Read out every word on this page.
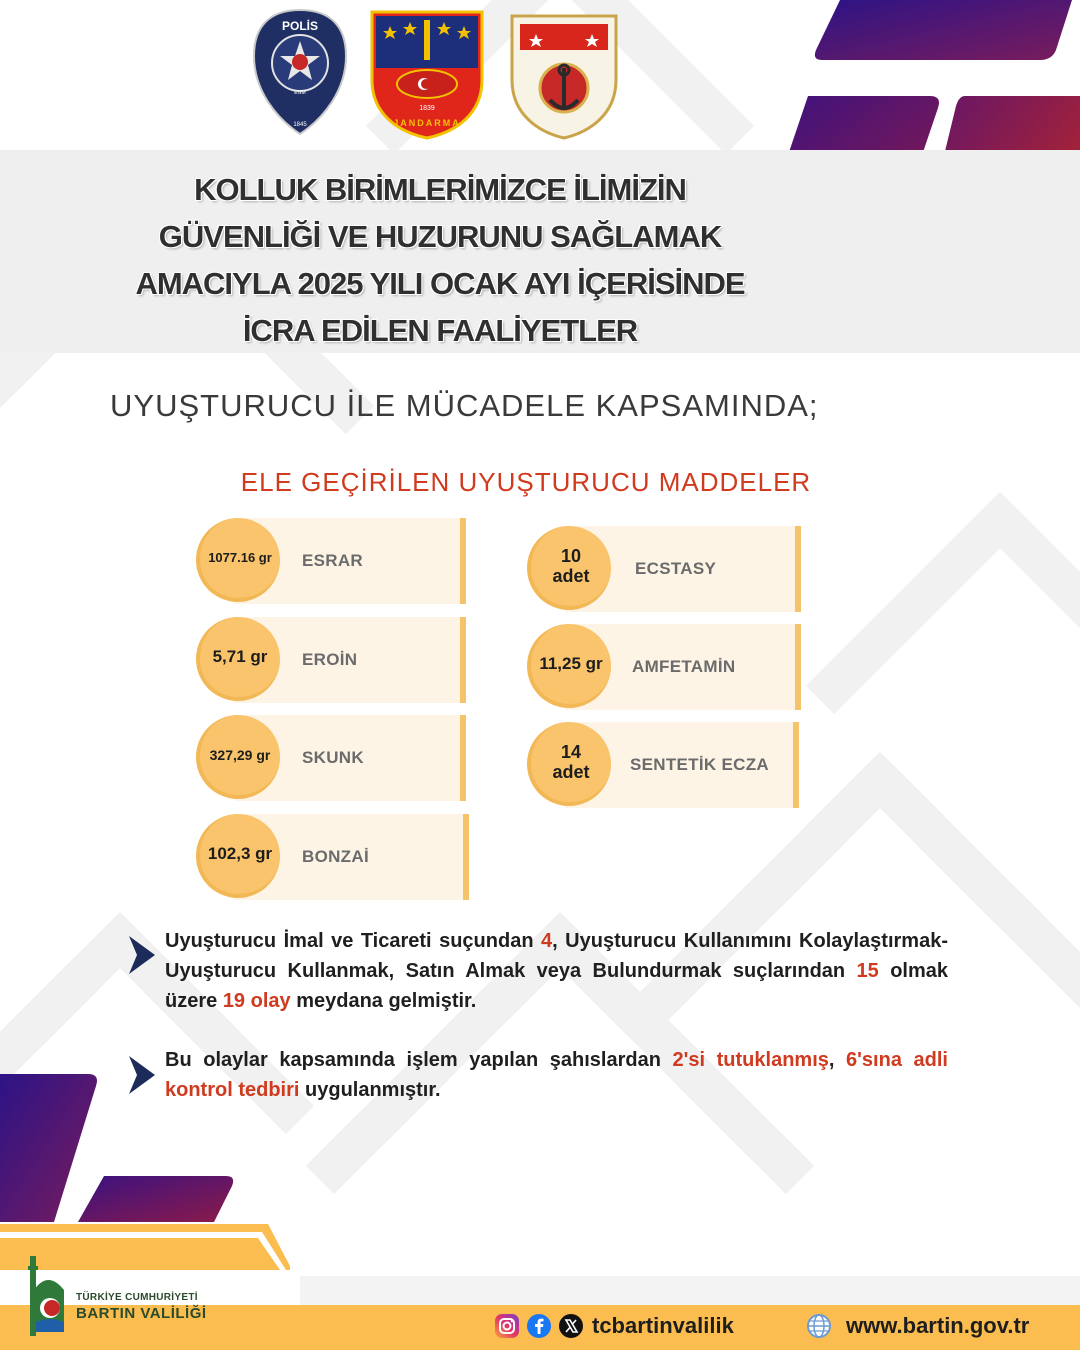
POLİS
EGM
1845
1839
JANDARMA
KOLLUK BİRİMLERİMİZCE İLİMİZİN
GÜVENLİĞİ VE HUZURUNU SAĞLAMAK
AMACIYLA 2025 YILI OCAK AYI İÇERİSİNDE
İCRA EDİLEN FAALİYETLER
UYUŞTURUCU İLE MÜCADELE KAPSAMINDA;
ELE GEÇİRİLEN UYUŞTURUCU MADDELER
1077.16 gr ESRAR
5,71 gr EROİN
327,29 gr SKUNK
102,3 gr BONZAİ
10
adet	ECSTASY
11,25 gr AMFETAMİN
14
adet SENTETİK ECZA
Uyuşturucu İmal ve Ticareti suçundan 4, Uyuşturucu Kullanımını Kolaylaştırmak-Uyuşturucu Kullanmak, Satın Almak veya Bulundurmak suçlarından 15 olmak üzere 19 olay meydana gelmiştir.
Bu olaylar kapsamında işlem yapılan şahıslardan 2'si tutuklanmış, 6'sına adli kontrol tedbiri uygulanmıştır.
TÜRKİYE CUMHURİYETİ
BARTIN VALİLİĞİ	tcbartinvalilik	www.bartin.gov.tr
